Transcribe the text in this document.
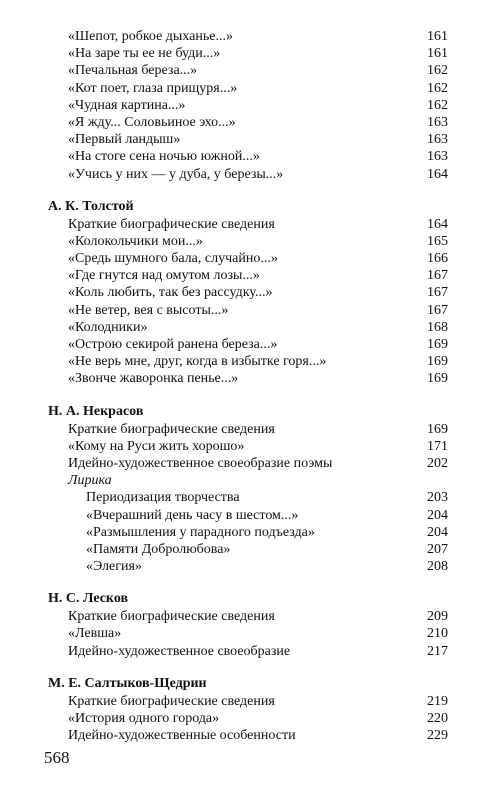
«Шепот, робкое дыханье...»	161
«На заре ты ее не буди...»	161
«Печальная береза...»	162
«Кот поет, глаза прищуря...»	162
«Чудная картина...»	162
«Я жду... Соловьиное эхо...»	163
«Первый ландыш»	163
«На стоге сена ночью южной...»	163
«Учись у них — у дуба, у березы...»	164
А. К. Толстой
Краткие биографические сведения	164
«Колокольчики мои...»	165
«Средь шумного бала, случайно...»	166
«Где гнутся над омутом лозы...»	167
«Коль любить, так без рассудку...»	167
«Не ветер, вея с высоты...»	167
«Колодники»	168
«Острою секирой ранена береза...»	169
«Не верь мне, друг, когда в избытке горя...»	169
«Звонче жаворонка пенье...»	169
Н. А. Некрасов
Краткие биографические сведения	169
«Кому на Руси жить хорошо»	171
Идейно-художественное своеобразие поэмы	202
Лирика
Периодизация творчества	203
«Вчерашний день часу в шестом...»	204
«Размышления у парадного подъезда»	204
«Памяти Добролюбова»	207
«Элегия»	208
Н. С. Лесков
Краткие биографические сведения	209
«Левша»	210
Идейно-художественное своеобразие	217
М. Е. Салтыков-Щедрин
Краткие биографические сведения	219
«История одного города»	220
Идейно-художественные особенности	229
568
